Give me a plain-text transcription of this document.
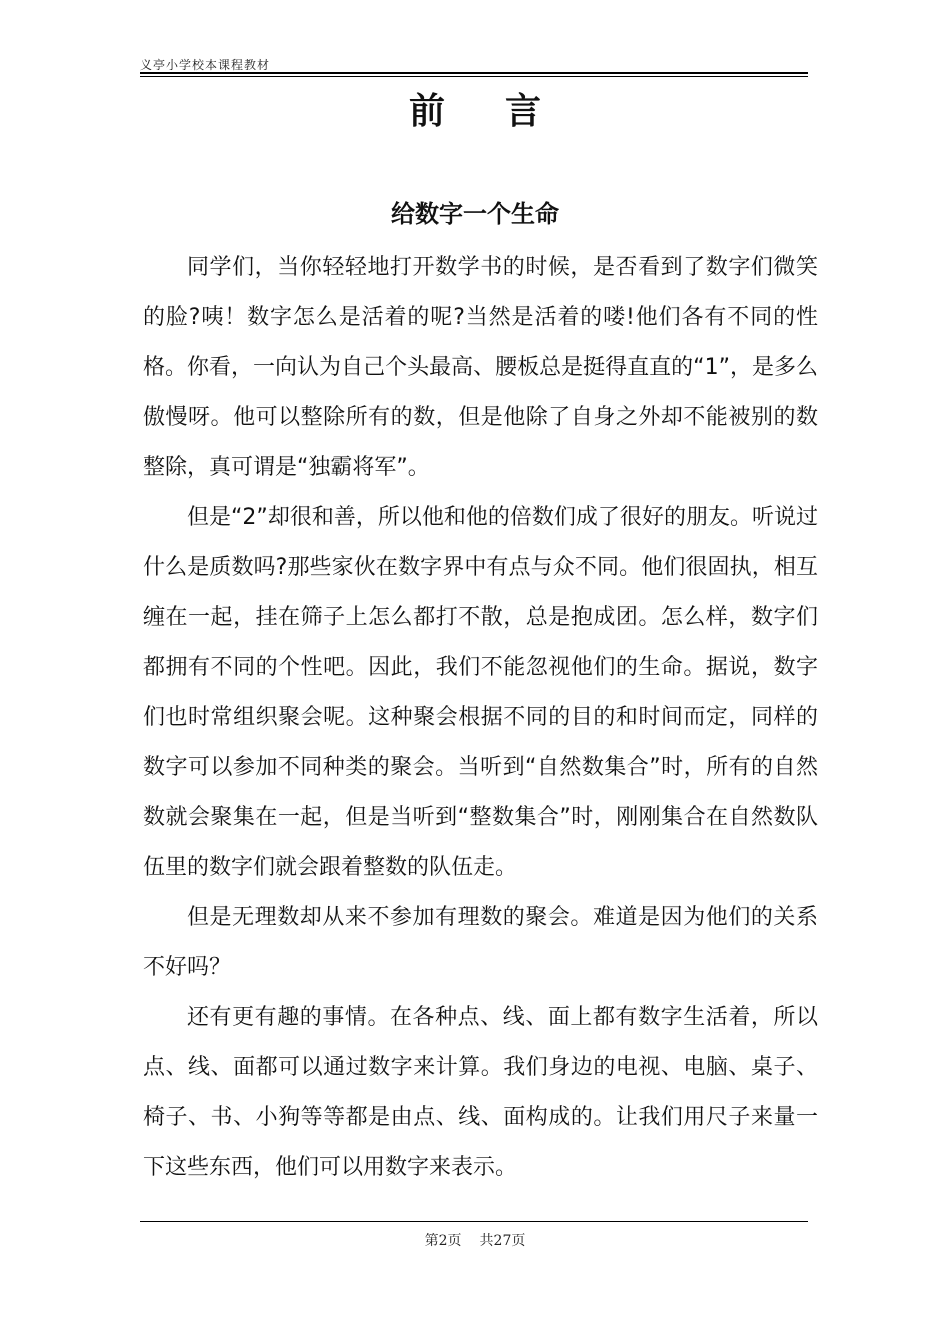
义亭小学校本课程教材
前言
给数字一个生命

同学们，当你轻轻地打开数学书的时候，是否看到了数字们微笑的脸?咦！数字怎么是活着的呢?当然是活着的喽!他们各有不同的性格。你看，一向认为自己个头最高、腰板总是挺得直直的“1”，是多么傲慢呀。他可以整除所有的数，但是他除了自身之外却不能被别的数整除，真可谓是“独霸将军”。

但是“2”却很和善，所以他和他的倍数们成了很好的朋友。听说过什么是质数吗?那些家伙在数字界中有点与众不同。他们很固执，相互缠在一起，挂在筛子上怎么都打不散，总是抱成团。怎么样，数字们都拥有不同的个性吧。因此，我们不能忽视他们的生命。据说，数字们也时常组织聚会呢。这种聚会根据不同的目的和时间而定，同样的数字可以参加不同种类的聚会。当听到“自然数集合”时，所有的自然数就会聚集在一起，但是当听到“整数集合”时，刚刚集合在自然数队伍里的数字们就会跟着整数的队伍走。

但是无理数却从来不参加有理数的聚会。难道是因为他们的关系不好吗？

还有更有趣的事情。在各种点、线、面上都有数字生活着，所以点、线、面都可以通过数字来计算。我们身边的电视、电脑、桌子、椅子、书、小狗等等都是由点、线、面构成的。让我们用尺子来量一下这些东西，他们可以用数字来表示。

第2页 共27页
